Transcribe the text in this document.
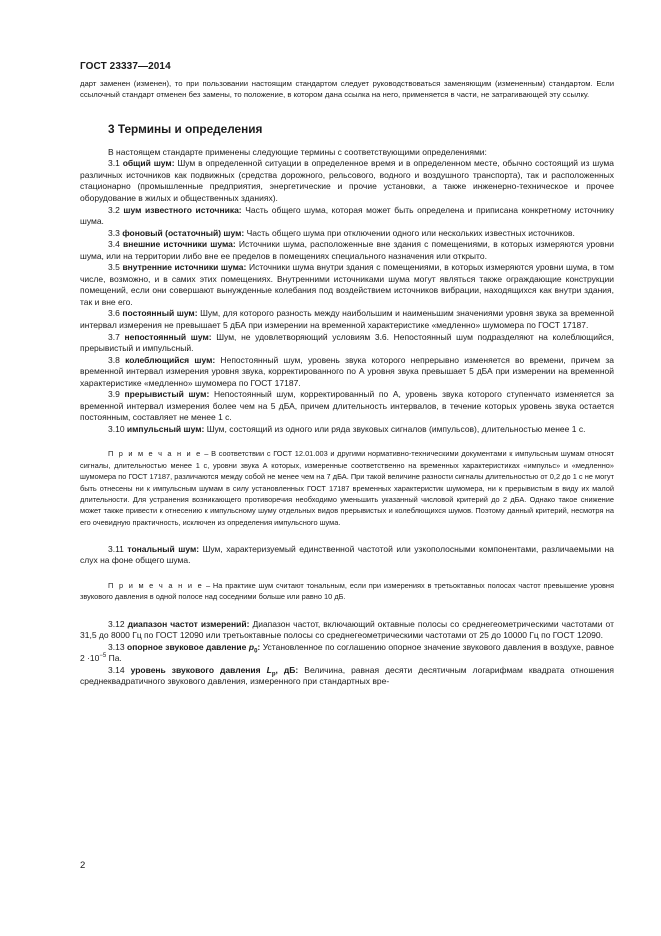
ГОСТ 23337—2014

дарт заменен (изменен), то при пользовании настоящим стандартом следует руководствоваться заменяющим (измененным) стандартом. Если ссылочный стандарт отменен без замены, то положение, в котором дана ссылка на него, применяется в части, не затрагивающей эту ссылку.

3 Термины и определения

В настоящем стандарте применены следующие термины с соответствующими определениями:

3.1 общий шум: Шум в определенной ситуации в определенное время и в определенном месте, обычно состоящий из шума различных источников как подвижных (средства дорожного, рельсового, водного и воздушного транспорта), так и расположенных стационарно (промышленные предприятия, энергетические и прочие установки, а также инженерно-техническое и прочее оборудование в жилых и общественных зданиях).

3.2 шум известного источника: Часть общего шума, которая может быть определена и приписана конкретному источнику шума.

3.3 фоновый (остаточный) шум: Часть общего шума при отключении одного или нескольких известных источников.

3.4 внешние источники шума: Источники шума, расположенные вне здания с помещениями, в которых измеряются уровни шума, или на территории либо вне ее пределов в помещениях специального назначения или открыто.

3.5 внутренние источники шума: Источники шума внутри здания с помещениями, в которых измеряются уровни шума, в том числе, возможно, и в самих этих помещениях. Внутренними источниками шума могут являться также ограждающие конструкции помещений, если они совершают вынужденные колебания под воздействием источников вибрации, находящихся как внутри здания, так и вне его.

3.6 постоянный шум: Шум, для которого разность между наибольшим и наименьшим значениями уровня звука за временной интервал измерения не превышает 5 дБА при измерении на временной характеристике «медленно» шумомера по ГОСТ 17187.

3.7 непостоянный шум: Шум, не удовлетворяющий условиям 3.6. Непостоянный шум подразделяют на колеблющийся, прерывистый и импульсный.

3.8 колеблющийся шум: Непостоянный шум, уровень звука которого непрерывно изменяется во времени, причем за временной интервал измерения уровня звука, корректированного по А уровня звука превышает 5 дБА при измерении на временной характеристике «медленно» шумомера по ГОСТ 17187.

3.9 прерывистый шум: Непостоянный шум, корректированный по А, уровень звука которого ступенчато изменяется за временной интервал измерения более чем на 5 дБА, причем длительность интервалов, в течение которых уровень звука остается постоянным, составляет не менее 1 с.

3.10 импульсный шум: Шум, состоящий из одного или ряда звуковых сигналов (импульсов), длительностью менее 1 с.

П р и м е ч а н и е – В соответствии с ГОСТ 12.01.003 и другими нормативно-техническими документами к импульсным шумам относят сигналы, длительностью менее 1 с, уровни звука А которых, измеренные соответственно на временных характеристиках «импульс» и «медленно» шумомера по ГОСТ 17187, различаются между собой не менее чем на 7 дБА. При такой величине разности сигналы длительностью от 0,2 до 1 с не могут быть отнесены ни к импульсным шумам в силу установленных ГОСТ 17187 временных характеристик шумомера, ни к прерывистым в виду их малой длительности. Для устранения возникающего противоречия необходимо уменьшить указанный числовой критерий до 2 дБА. Однако такое снижение может также привести к отнесению к импульсному шуму отдельных видов прерывистых и колеблющихся шумов. Поэтому данный критерий, несмотря на его очевидную практичность, исключен из определения импульсного шума.

3.11 тональный шум: Шум, характеризуемый единственной частотой или узкополосными компонентами, различаемыми на слух на фоне общего шума.

П р и м е ч а н и е – На практике шум считают тональным, если при измерениях в третьоктавных полосах частот превышение уровня звукового давления в одной полосе над соседними больше или равно 10 дБ.

3.12 диапазон частот измерений: Диапазон частот, включающий октавные полосы со среднегеометрическими частотами от 31,5 до 8000 Гц по ГОСТ 12090 или третьоктавные полосы со среднегеометрическими частотами от 25 до 10000 Гц по ГОСТ 12090.

3.13 опорное звуковое давление $p_0$: Установленное по соглашению опорное значение звукового давления в воздухе, равное $2 \cdot 10^{-5}$ Па.

3.14 уровень звукового давления $L_p$, дБ: Величина, равная десяти десятичным логарифмам квадрата отношения среднеквадратичного звукового давления, измеренного при стандартных вре-

2
